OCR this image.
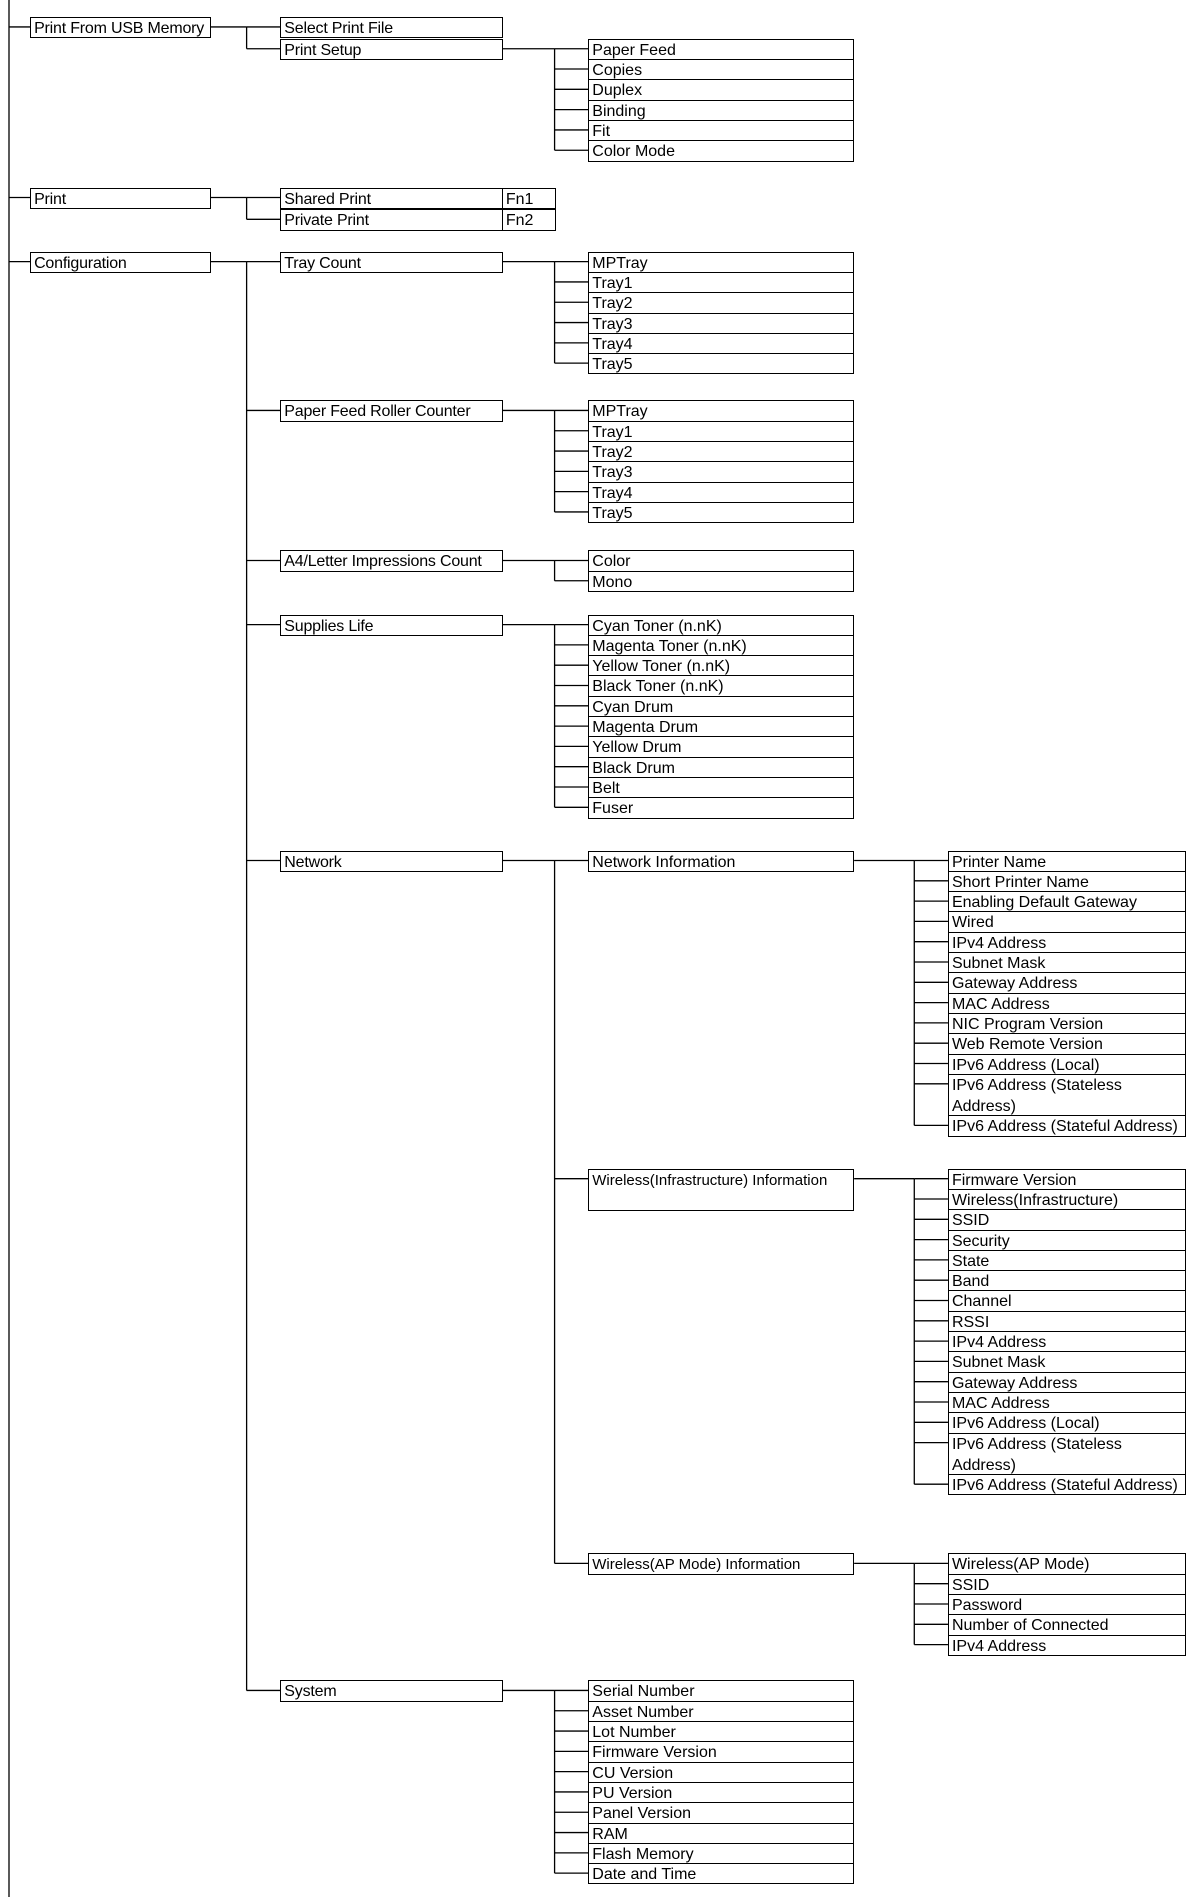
Print From USB Memory	Select Print File
Print Setup	Paper Feed
Copies
Duplex
Binding
Fit
Color Mode
Print	Shared Print	Fn1
Private Print	Fn2
Configuration	Tray Count	MPTray
Tray1
Tray2
Tray3
Tray4
Tray5
Paper Feed Roller Counter	MPTray
Tray1
Tray2
Tray3
Tray4
Tray5
A4/Letter Impressions Count	Color
Mono
Supplies Life	Cyan Toner (n.nK)
Magenta Toner (n.nK)
Yellow Toner (n.nK)
Black Toner (n.nK)
Cyan Drum
Magenta Drum
Yellow Drum
Black Drum
Belt
Fuser
Network	Network Information	Printer Name
Short Printer Name
Enabling Default Gateway
Wired
IPv4 Address
Subnet Mask
Gateway Address
MAC Address
NIC Program Version
Web Remote Version
IPv6 Address (Local)
IPv6 Address (Stateless Address)
IPv6 Address (Stateful Address)
Wireless(Infrastructure) Information	Firmware Version
Wireless(Infrastructure)
SSID
Security
State
Band
Channel
RSSI
IPv4 Address
Subnet Mask
Gateway Address
MAC Address
IPv6 Address (Local)
IPv6 Address (Stateless Address)
IPv6 Address (Stateful Address)
Wireless(AP Mode) Information	Wireless(AP Mode)
SSID
Password
Number of Connected
IPv4 Address
System	Serial Number
Asset Number
Lot Number
Firmware Version
CU Version
PU Version
Panel Version
RAM
Flash Memory
Date and Time
